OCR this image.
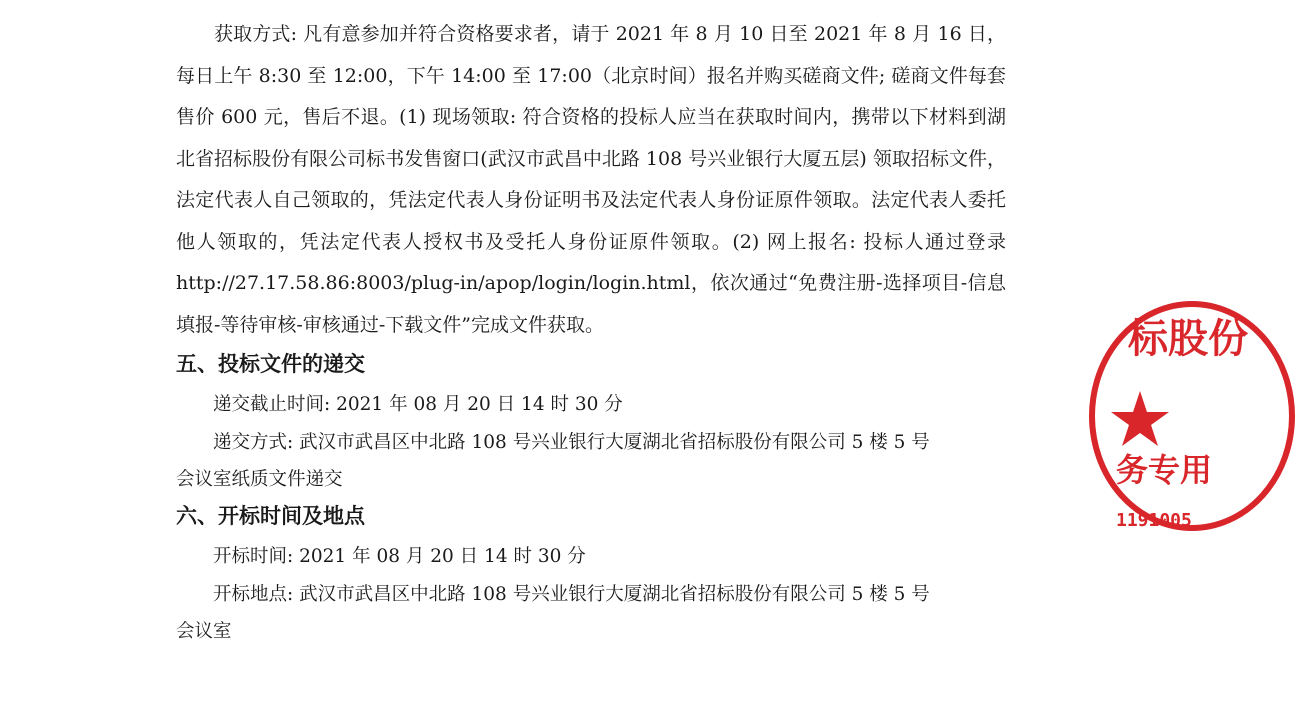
获取方式: 凡有意参加并符合资格要求者，请于 2021 年 8 月 10 日至 2021 年 8 月 16 日，每日上午 8:30 至 12:00，下午 14:00 至 17:00（北京时间）报名并购买磋商文件; 磋商文件每套售价 600 元，售后不退。(1) 现场领取: 符合资格的投标人应当在获取时间内，携带以下材料到湖北省招标股份有限公司标书发售窗口(武汉市武昌中北路 108 号兴业银行大厦五层) 领取招标文件，法定代表人自己领取的，凭法定代表人身份证明书及法定代表人身份证原件领取。法定代表人委托他人领取的，凭法定代表人授权书及受托人身份证原件领取。(2) 网上报名: 投标人通过登录 http://27.17.58.86:8003/plug-in/apop/login/login.html，依次通过“免费注册-选择项目-信息填报-等待审核-审核通过-下载文件”完成文件获取。

五、投标文件的递交

递交截止时间: 2021 年 08 月 20 日 14 时 30 分

递交方式: 武汉市武昌区中北路 108 号兴业银行大厦湖北省招标股份有限公司 5 楼 5 号

会议室纸质文件递交

六、开标时间及地点

开标时间: 2021 年 08 月 20 日 14 时 30 分

开标地点: 武汉市武昌区中北路 108 号兴业银行大厦湖北省招标股份有限公司 5 楼 5 号

会议室

标股份
务专用
1191005
